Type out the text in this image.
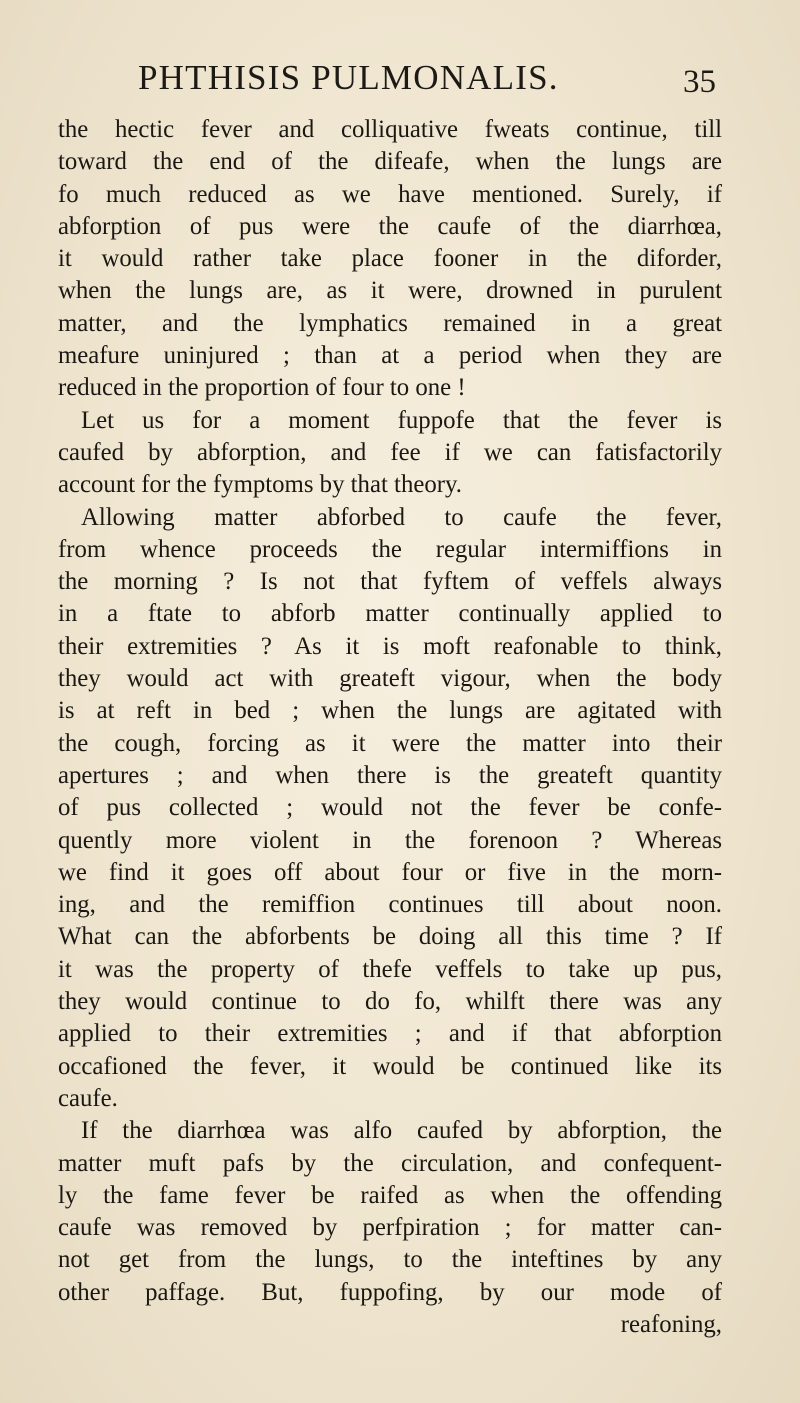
PHTHISIS PULMONALIS.	35
the hectic fever and colliquative fweats continue, till
toward the end of the difeafe, when the lungs are
fo much reduced as we have mentioned. Surely, if
abforption of pus were the caufe of the diarrhœa,
it would rather take place fooner in the diforder,
when the lungs are, as it were, drowned in purulent
matter, and the lymphatics remained in a great
meafure uninjured ; than at a period when they are
reduced in the proportion of four to one !
Let us for a moment fuppofe that the fever is
caufed by abforption, and fee if we can fatisfactorily
account for the fymptoms by that theory.
Allowing matter abforbed to caufe the fever,
from whence proceeds the regular intermiffions in
the morning ? Is not that fyftem of veffels always
in a ftate to abforb matter continually applied to
their extremities ? As it is moft reafonable to think,
they would act with greateft vigour, when the body
is at reft in bed ; when the lungs are agitated with
the cough, forcing as it were the matter into their
apertures ; and when there is the greateft quantity
of pus collected ; would not the fever be confe-
quently more violent in the forenoon ? Whereas
we find it goes off about four or five in the morn-
ing, and the remiffion continues till about noon.
What can the abforbents be doing all this time ? If
it was the property of thefe veffels to take up pus,
they would continue to do fo, whilft there was any
applied to their extremities ; and if that abforption
occafioned the fever, it would be continued like its
caufe.
If the diarrhœa was alfo caufed by abforption, the
matter muft pafs by the circulation, and confequent-
ly the fame fever be raifed as when the offending
caufe was removed by perfpiration ; for matter can-
not get from the lungs, to the inteftines by any
other paffage. But, fuppofing, by our mode of
reafoning,
